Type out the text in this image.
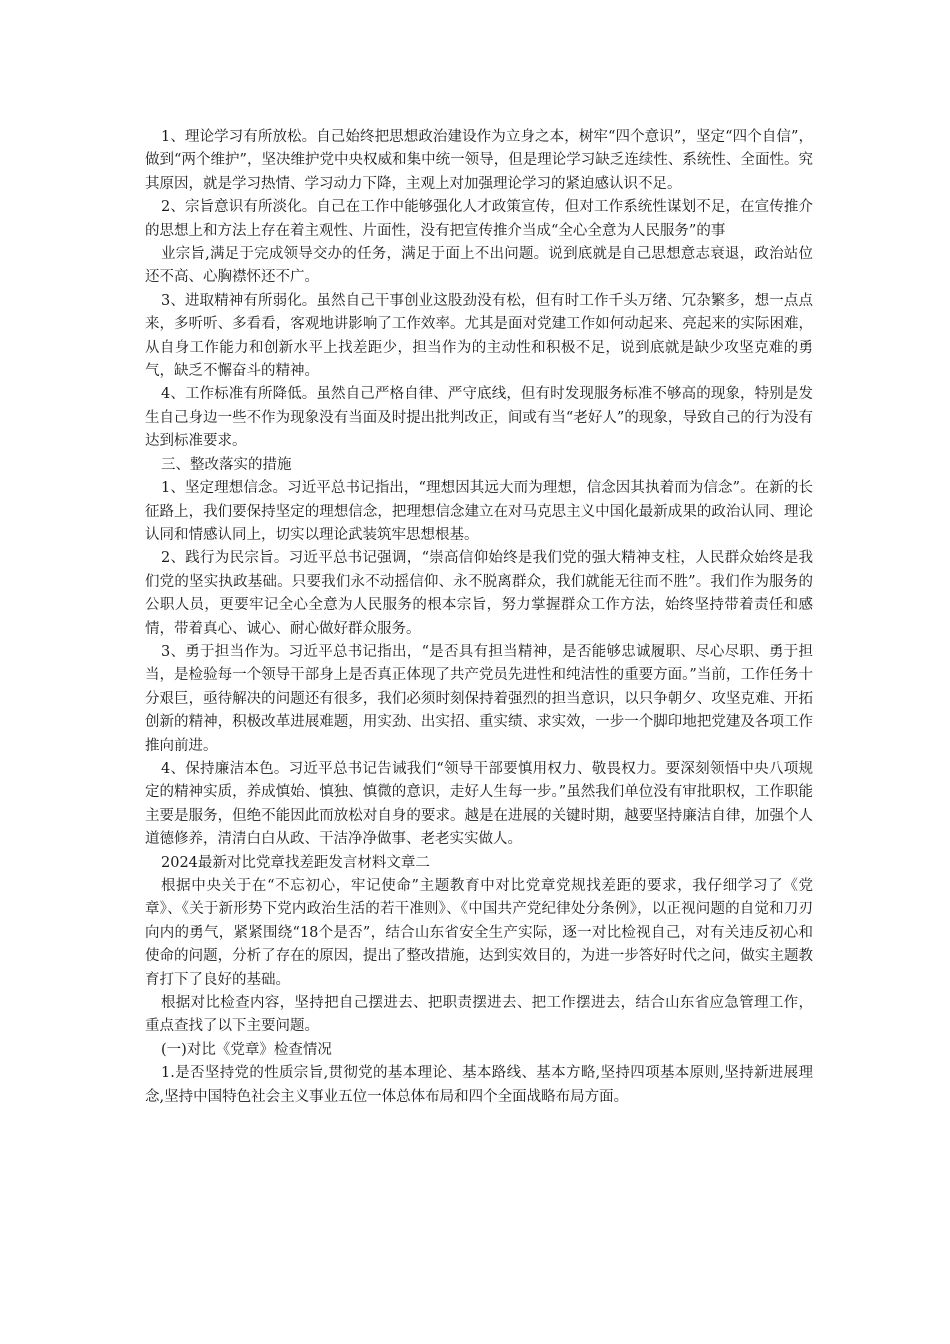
1、理论学习有所放松。自己始终把思想政治建设作为立身之本，树牢“四个意识”，坚定“四个自信”，做到“两个维护”，坚决维护党中央权威和集中统一领导，但是理论学习缺乏连续性、系统性、全面性。究其原因，就是学习热情、学习动力下降，主观上对加强理论学习的紧迫感认识不足。

2、宗旨意识有所淡化。自己在工作中能够强化人才政策宣传，但对工作系统性谋划不足，在宣传推介的思想上和方法上存在着主观性、片面性，没有把宣传推介当成“全心全意为人民服务”的事

业宗旨,满足于完成领导交办的任务，满足于面上不出问题。说到底就是自己思想意志衰退，政治站位还不高、心胸襟怀还不广。

3、进取精神有所弱化。虽然自己干事创业这股劲没有松，但有时工作千头万绪、冗杂繁多，想一点点来，多听听、多看看，客观地讲影响了工作效率。尤其是面对党建工作如何动起来、亮起来的实际困难，从自身工作能力和创新水平上找差距少，担当作为的主动性和积极不足，说到底就是缺少攻坚克难的勇气，缺乏不懈奋斗的精神。

4、工作标准有所降低。虽然自己严格自律、严守底线，但有时发现服务标准不够高的现象，特别是发生自己身边一些不作为现象没有当面及时提出批判改正，间或有当“老好人”的现象，导致自己的行为没有达到标准要求。

三、整改落实的措施

1、坚定理想信念。习近平总书记指出，“理想因其远大而为理想，信念因其执着而为信念”。在新的长征路上，我们要保持坚定的理想信念，把理想信念建立在对马克思主义中国化最新成果的政治认同、理论认同和情感认同上，切实以理论武装筑牢思想根基。

2、践行为民宗旨。习近平总书记强调，“崇高信仰始终是我们党的强大精神支柱，人民群众始终是我们党的坚实执政基础。只要我们永不动摇信仰、永不脱离群众，我们就能无往而不胜”。我们作为服务的公职人员，更要牢记全心全意为人民服务的根本宗旨，努力掌握群众工作方法，始终坚持带着责任和感情，带着真心、诚心、耐心做好群众服务。

3、勇于担当作为。习近平总书记指出，“是否具有担当精神，是否能够忠诚履职、尽心尽职、勇于担当，是检验每一个领导干部身上是否真正体现了共产党员先进性和纯洁性的重要方面。”当前，工作任务十分艰巨，亟待解决的问题还有很多，我们必须时刻保持着强烈的担当意识，以只争朝夕、攻坚克难、开拓创新的精神，积极改革进展难题，用实劲、出实招、重实绩、求实效，一步一个脚印地把党建及各项工作推向前进。

4、保持廉洁本色。习近平总书记告诫我们“领导干部要慎用权力、敬畏权力。要深刻领悟中央八项规定的精神实质，养成慎始、慎独、慎微的意识，走好人生每一步。”虽然我们单位没有审批职权，工作职能主要是服务，但绝不能因此而放松对自身的要求。越是在进展的关键时期，越要坚持廉洁自律，加强个人道德修养，清清白白从政、干洁净净做事、老老实实做人。

2024最新对比党章找差距发言材料文章二

根据中央关于在“不忘初心，牢记使命”主题教育中对比党章党规找差距的要求，我仔细学习了《党章》、《关于新形势下党内政治生活的若干准则》、《中国共产党纪律处分条例》，以正视问题的自觉和刀刃向内的勇气，紧紧围绕“18个是否”，结合山东省安全生产实际，逐一对比检视自己，对有关违反初心和使命的问题，分析了存在的原因，提出了整改措施，达到实效目的，为进一步答好时代之问，做实主题教育打下了良好的基础。

根据对比检查内容，坚持把自己摆进去、把职责摆进去、把工作摆进去，结合山东省应急管理工作，重点查找了以下主要问题。

(一)对比《党章》检查情况

1.是否坚持党的性质宗旨,贯彻党的基本理论、基本路线、基本方略,坚持四项基本原则,坚持新进展理念,坚持中国特色社会主义事业五位一体总体布局和四个全面战略布局方面。
